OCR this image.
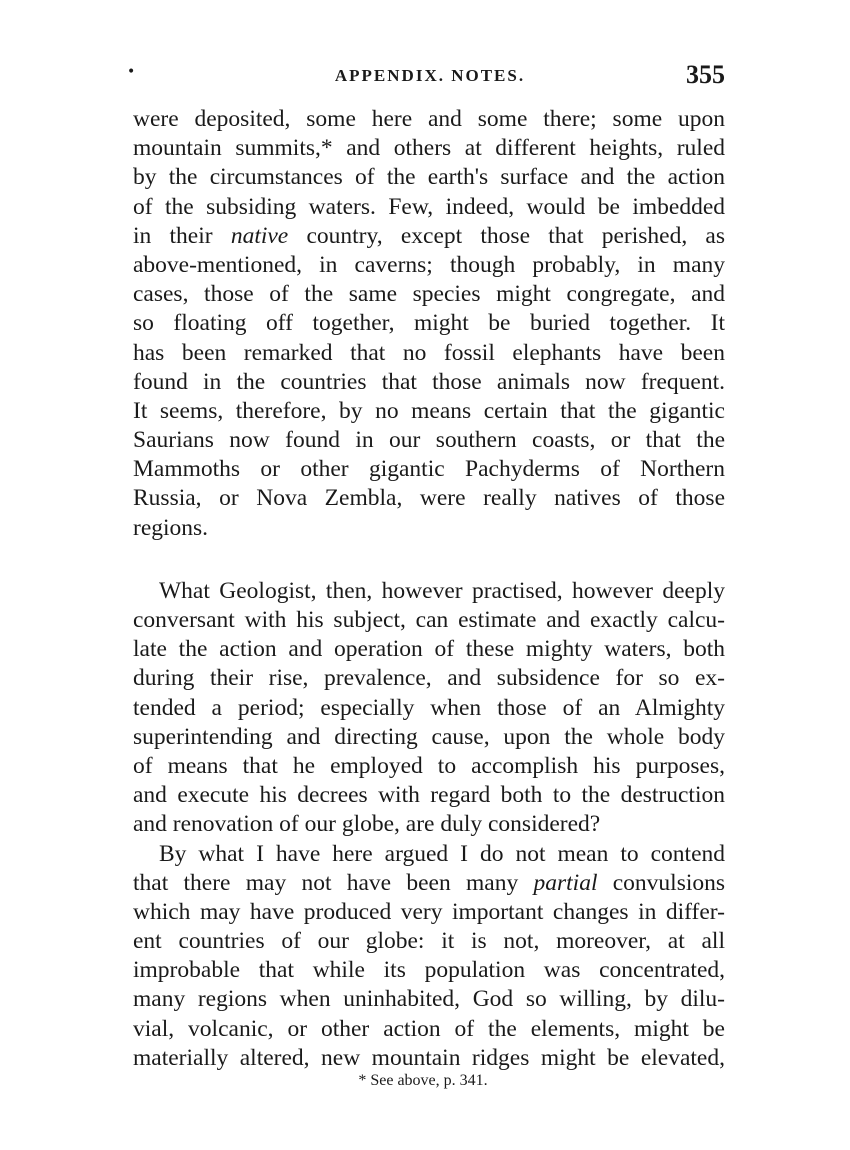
•	APPENDIX. NOTES.	355
were deposited, some here and some there; some upon
mountain summits,* and others at different heights, ruled
by the circumstances of the earth's surface and the action
of the subsiding waters. Few, indeed, would be imbedded
in their native country, except those that perished, as
above-mentioned, in caverns; though probably, in many
cases, those of the same species might congregate, and
so floating off together, might be buried together. It
has been remarked that no fossil elephants have been
found in the countries that those animals now frequent.
It seems, therefore, by no means certain that the gigantic
Saurians now found in our southern coasts, or that the
Mammoths or other gigantic Pachyderms of Northern
Russia, or Nova Zembla, were really natives of those
regions.
What Geologist, then, however practised, however deeply
conversant with his subject, can estimate and exactly calcu-
late the action and operation of these mighty waters, both
during their rise, prevalence, and subsidence for so ex-
tended a period; especially when those of an Almighty
superintending and directing cause, upon the whole body
of means that he employed to accomplish his purposes,
and execute his decrees with regard both to the destruction
and renovation of our globe, are duly considered?
By what I have here argued I do not mean to contend
that there may not have been many partial convulsions
which may have produced very important changes in differ-
ent countries of our globe: it is not, moreover, at all
improbable that while its population was concentrated,
many regions when uninhabited, God so willing, by dilu-
vial, volcanic, or other action of the elements, might be
materially altered, new mountain ridges might be elevated,
* See above, p. 341.
